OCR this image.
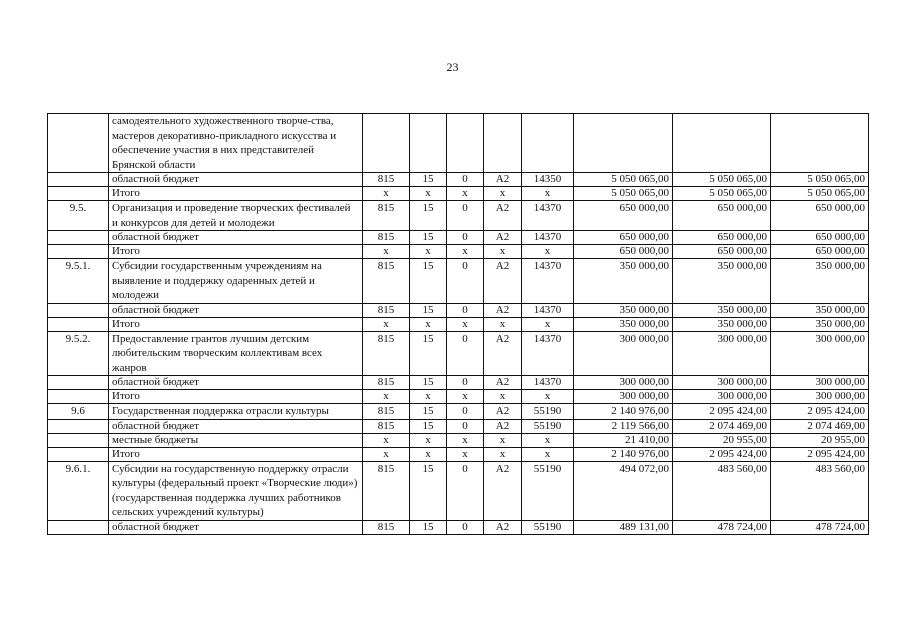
23
	самодеятельного художественного творче-ства, мастеров декоративно-прикладного искусства и обеспечение участия в них представителей Брянской области								
	областной бюджет	815	15	0	А2	14350	5 050 065,00	5 050 065,00	5 050 065,00
	Итого	х	х	х	х	х	5 050 065,00	5 050 065,00	5 050 065,00
9.5.	Организация и проведение творческих фестивалей и конкурсов для детей и молодежи	815	15	0	А2	14370	650 000,00	650 000,00	650 000,00
	областной бюджет	815	15	0	А2	14370	650 000,00	650 000,00	650 000,00
	Итого	х	х	х	х	х	650 000,00	650 000,00	650 000,00
9.5.1.	Субсидии государственным учреждениям на выявление и поддержку одаренных детей и молодежи	815	15	0	А2	14370	350 000,00	350 000,00	350 000,00
	областной бюджет	815	15	0	А2	14370	350 000,00	350 000,00	350 000,00
	Итого	х	х	х	х	х	350 000,00	350 000,00	350 000,00
9.5.2.	Предоставление грантов лучшим детским любительским творческим коллективам всех жанров	815	15	0	А2	14370	300 000,00	300 000,00	300 000,00
	областной бюджет	815	15	0	А2	14370	300 000,00	300 000,00	300 000,00
	Итого	х	х	х	х	х	300 000,00	300 000,00	300 000,00
9.6	Государственная поддержка отрасли культуры	815	15	0	А2	55190	2 140 976,00	2 095 424,00	2 095 424,00
	областной бюджет	815	15	0	А2	55190	2 119 566,00	2 074 469,00	2 074 469,00
	местные бюджеты	х	х	х	х	х	21 410,00	20 955,00	20 955,00
	Итого	х	х	х	х	х	2 140 976,00	2 095 424,00	2 095 424,00
9.6.1.	Субсидии на государственную поддержку отрасли культуры (федеральный проект «Творческие люди») (государственная поддержка лучших работников сельских учреждений культуры)	815	15	0	А2	55190	494 072,00	483 560,00	483 560,00
	областной бюджет	815	15	0	А2	55190	489 131,00	478 724,00	478 724,00
